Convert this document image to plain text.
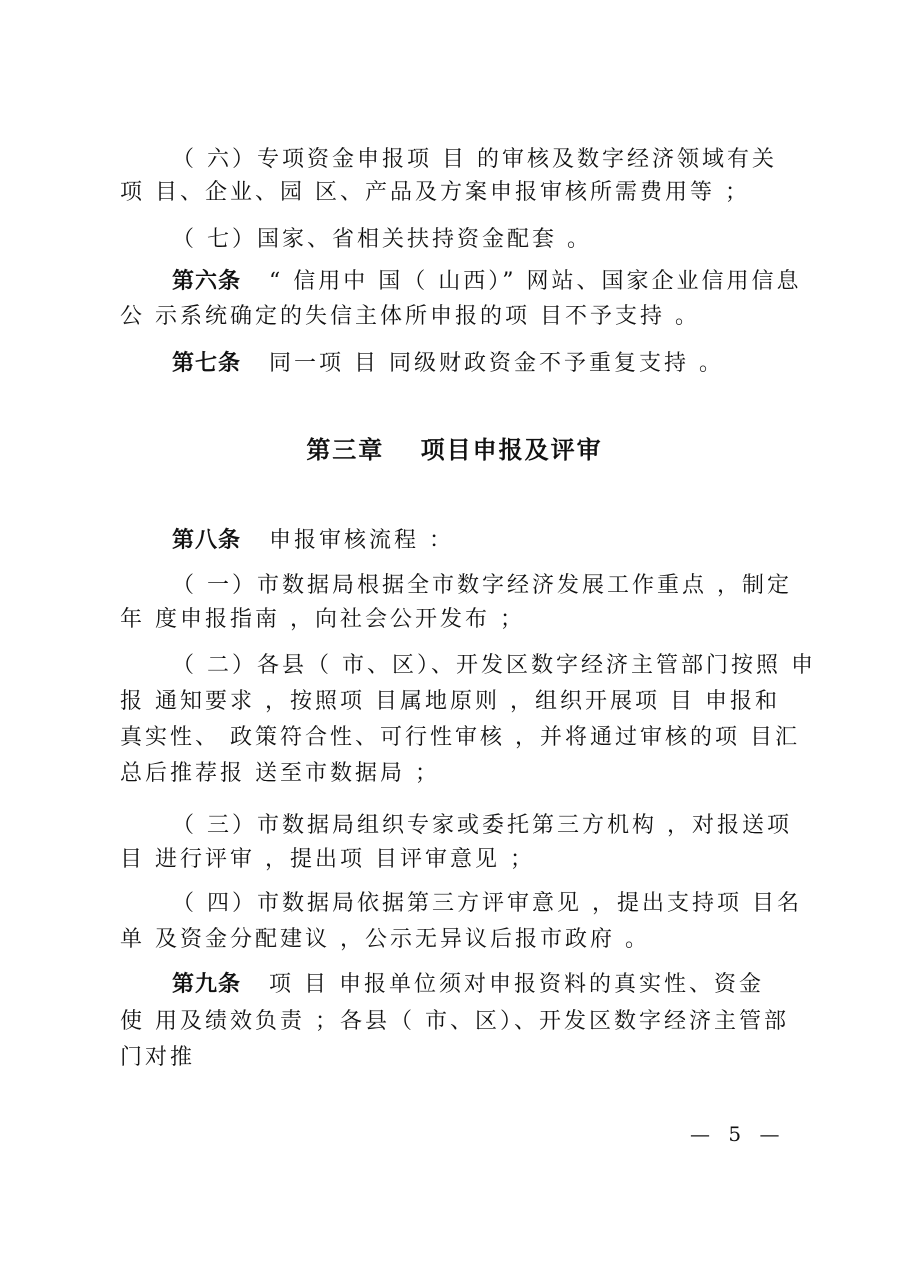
（ 六）专项资金申报项 目 的审核及数字经济领域有关
项 目、企业、园 区、产品及方案申报审核所需费用等 ；
（ 七）国家、省相关扶持资金配套 。
第六条 “ 信用中 国（ 山西）” 网站、国家企业信用信息
公 示系统确定的失信主体所申报的项 目不予支持 。
第七条 同一项 目 同级财政资金不予重复支持 。
第三章　 项目申报及评审
第八条 申报审核流程 ：
（ 一）市数据局根据全市数字经济发展工作重点 ，制定
年 度申报指南 ，向社会公开发布 ；
（ 二）各县（ 市、区）、开发区数字经济主管部门按照 申
报 通知要求 ，按照项 目属地原则 ，组织开展项 目 申报和
真实性、 政策符合性、可行性审核 ，并将通过审核的项 目汇
总后推荐报 送至市数据局 ；
（ 三）市数据局组织专家或委托第三方机构 ，对报送项
目 进行评审 ，提出项 目评审意见 ；
（ 四）市数据局依据第三方评审意见 ，提出支持项 目名
单 及资金分配建议 ，公示无异议后报市政府 。
第九条 项 目 申报单位须对申报资料的真实性、资金
使 用及绩效负责 ；各县（ 市、区）、开发区数字经济主管部
门对推
— 5 —
